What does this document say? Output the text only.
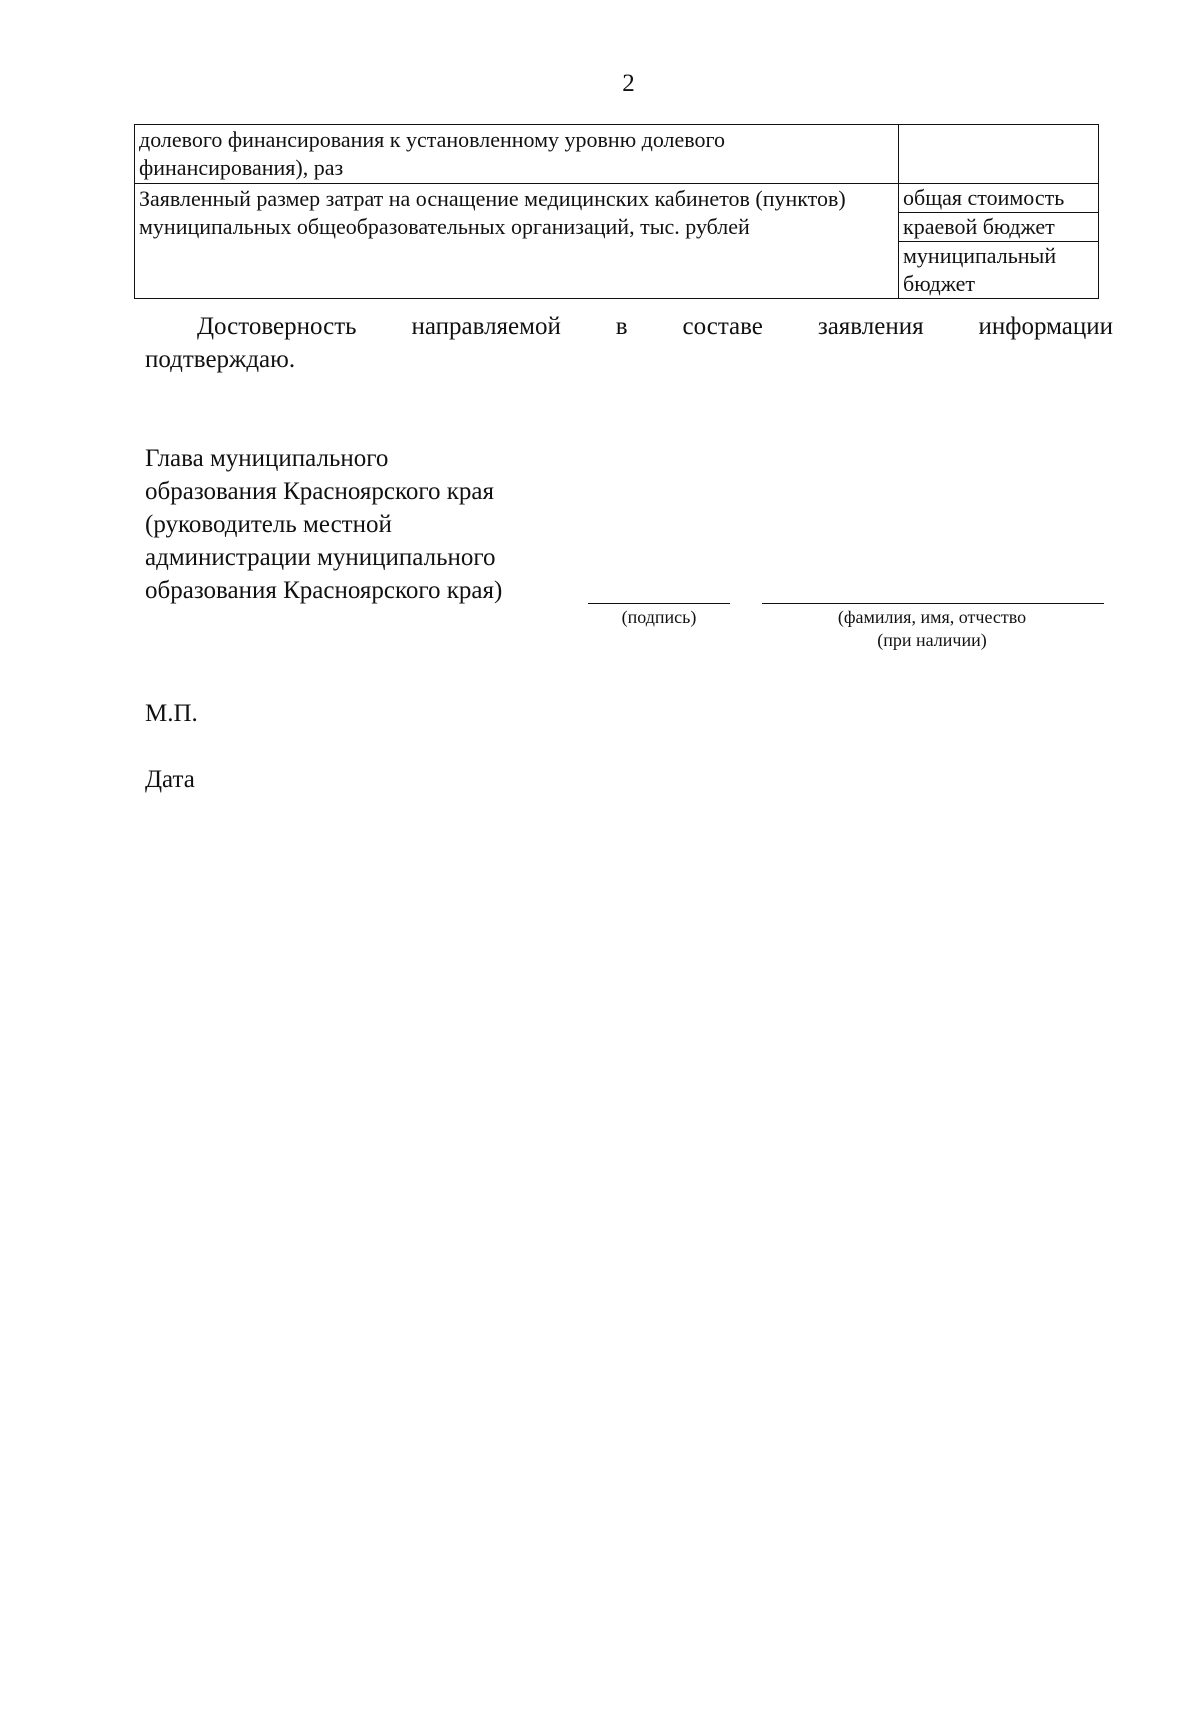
2
долевого финансирования к установленному уровню долевого финансирования), раз	
Заявленный размер затрат на оснащение медицинских кабинетов (пунктов) муниципальных общеобразовательных организаций, тыс. рублей	общая стоимость
	краевой бюджет
	муниципальный бюджет
Достоверность направляемой в составе заявления информации
подтверждаю.
Глава муниципального
образования Красноярского края
(руководитель местной
администрации муниципального
образования Красноярского края)
(подпись)	(фамилия, имя, отчество
(при наличии)
М.П.
Дата
